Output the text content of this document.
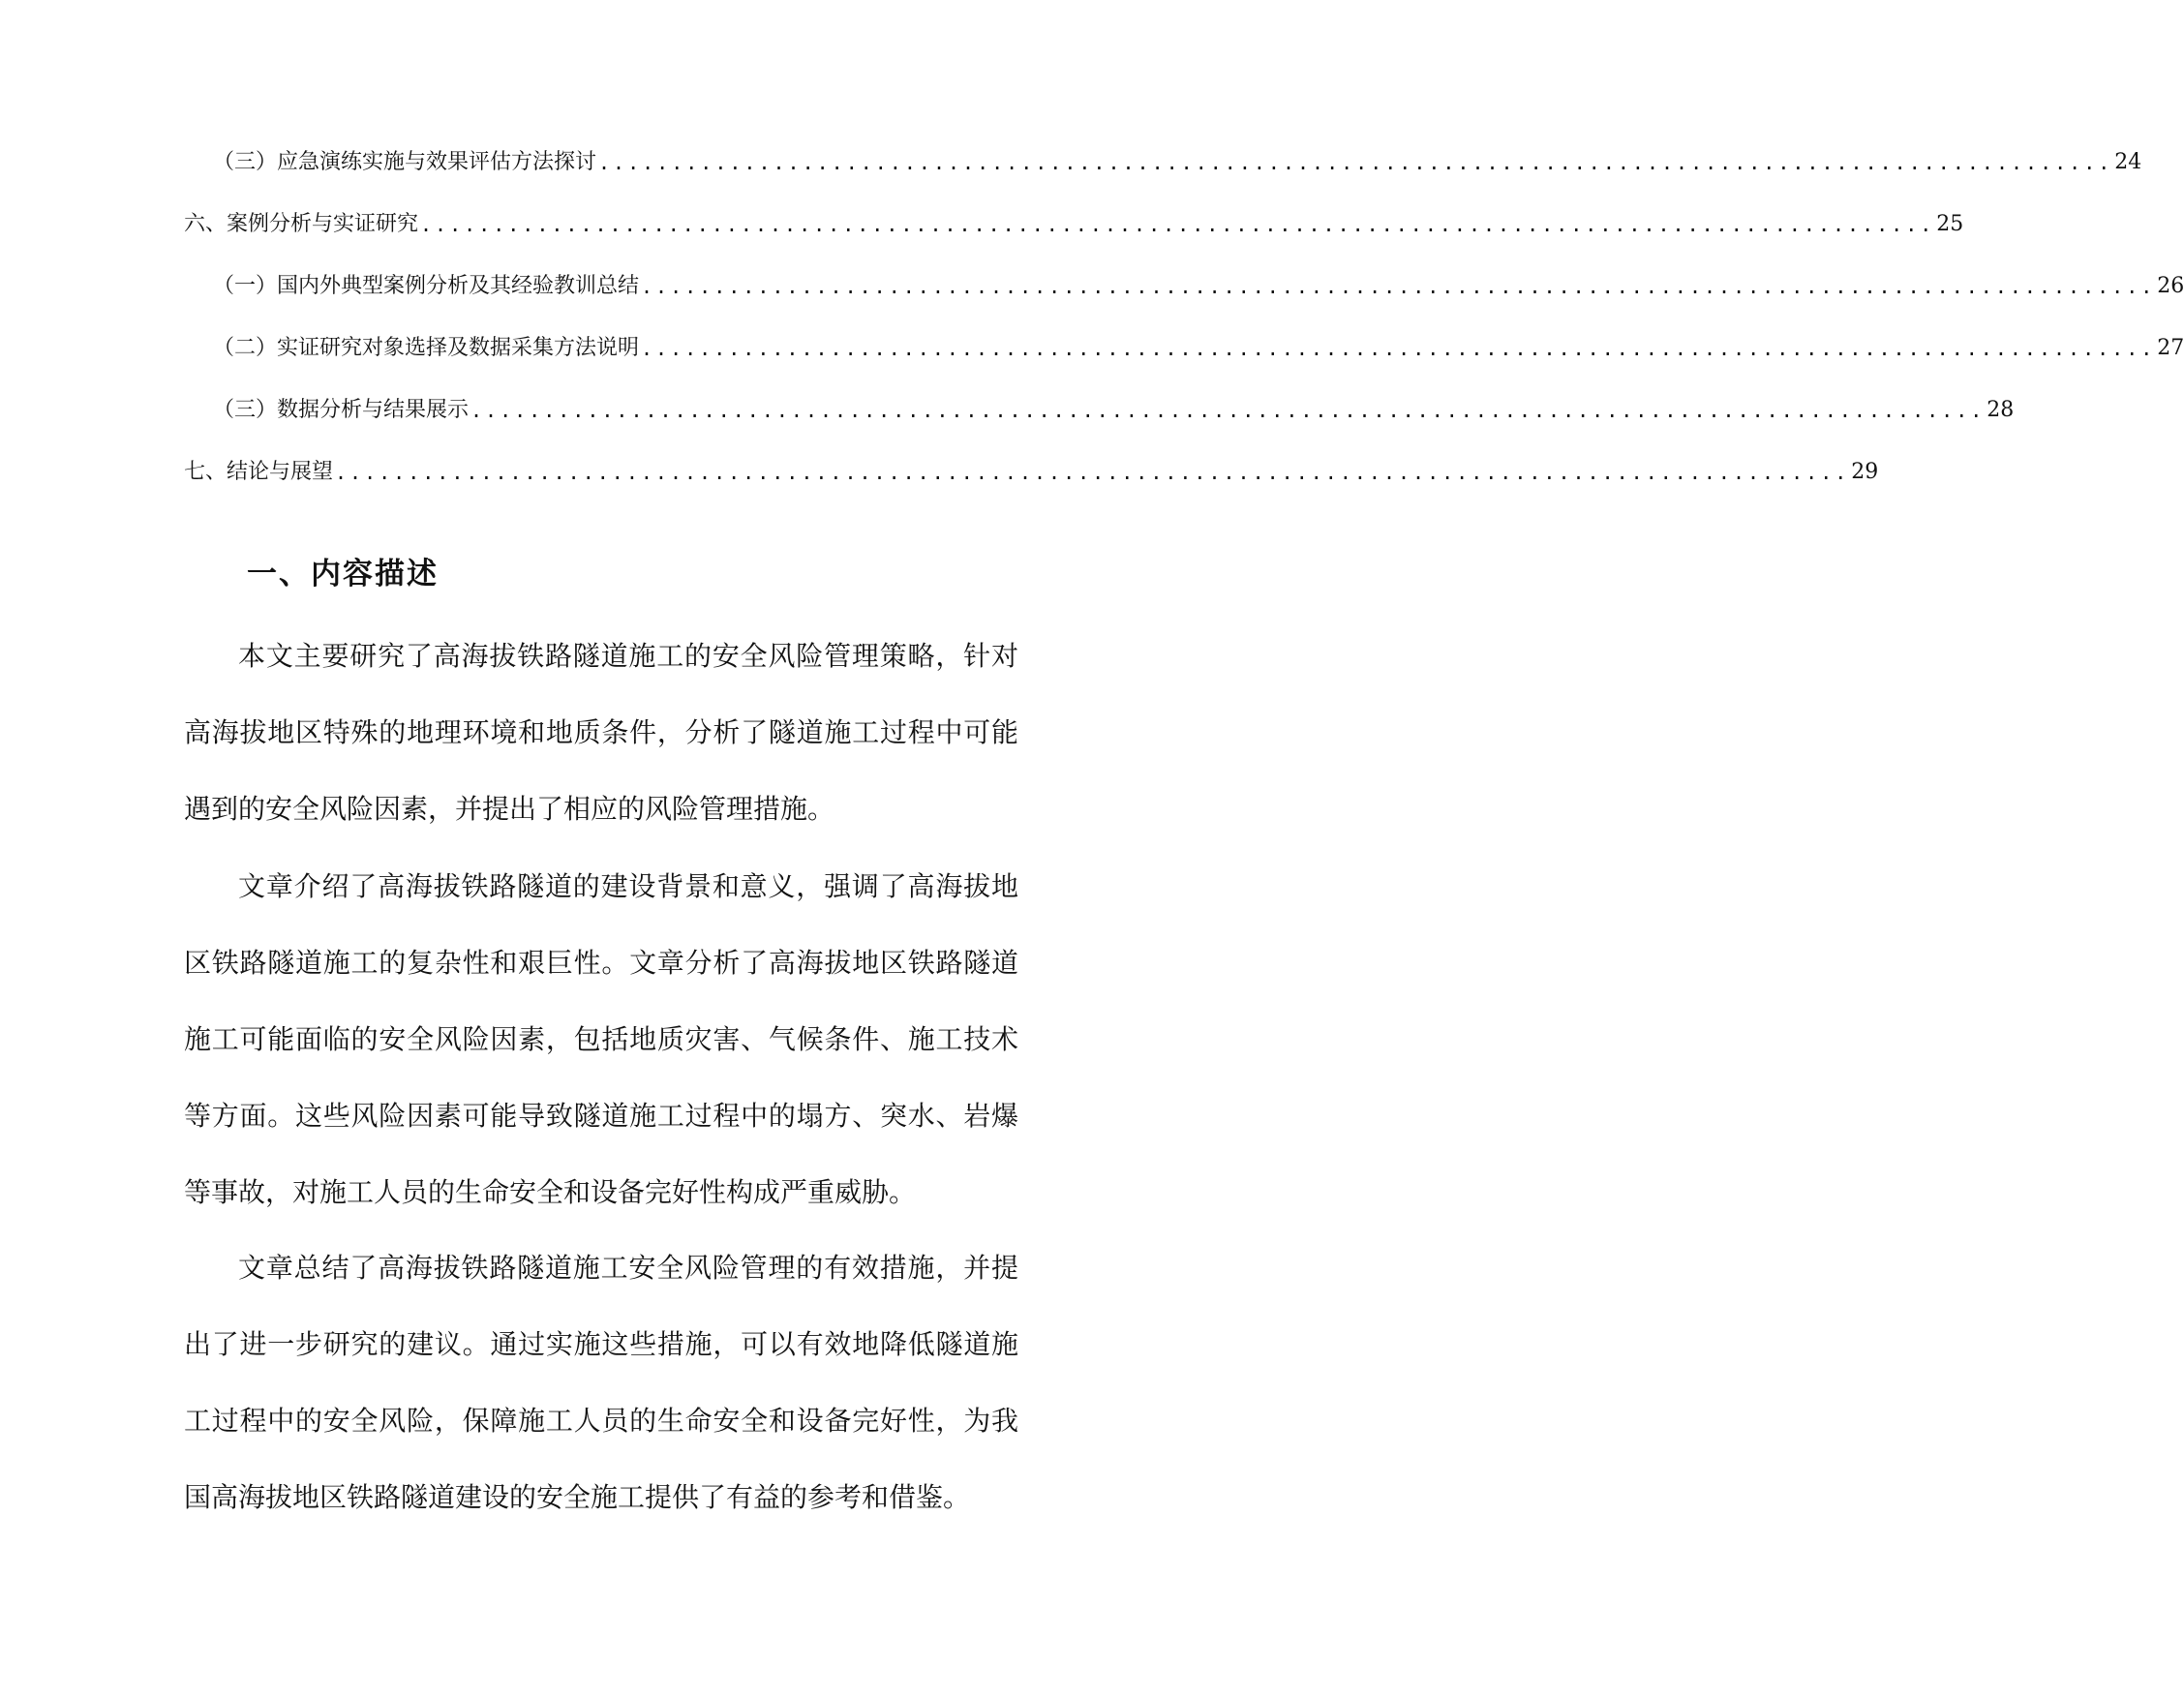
（三）应急演练实施与效果评估方法探讨 ........................................................................................................ 24
六、案例分析与实证研究 ........................................................................................................ 25
（一）国内外典型案例分析及其经验教训总结 ........................................................................................................ 26
（二）实证研究对象选择及数据采集方法说明 ........................................................................................................ 27
（三）数据分析与结果展示 ........................................................................................................ 28
七、结论与展望 ........................................................................................................ 29
一、内容描述

本文主要研究了高海拔铁路隧道施工的安全风险管理策略，针对高海拔地区特殊的地理环境和地质条件，分析了隧道施工过程中可能遇到的安全风险因素，并提出了相应的风险管理措施。

文章介绍了高海拔铁路隧道的建设背景和意义，强调了高海拔地区铁路隧道施工的复杂性和艰巨性。文章分析了高海拔地区铁路隧道施工可能面临的安全风险因素，包括地质灾害、气候条件、施工技术等方面。这些风险因素可能导致隧道施工过程中的塌方、突水、岩爆等事故，对施工人员的生命安全和设备完好性构成严重威胁。

文章总结了高海拔铁路隧道施工安全风险管理的有效措施，并提出了进一步研究的建议。通过实施这些措施，可以有效地降低隧道施工过程中的安全风险，保障施工人员的生命安全和设备完好性，为我国高海拔地区铁路隧道建设的安全施工提供了有益的参考和借鉴。
